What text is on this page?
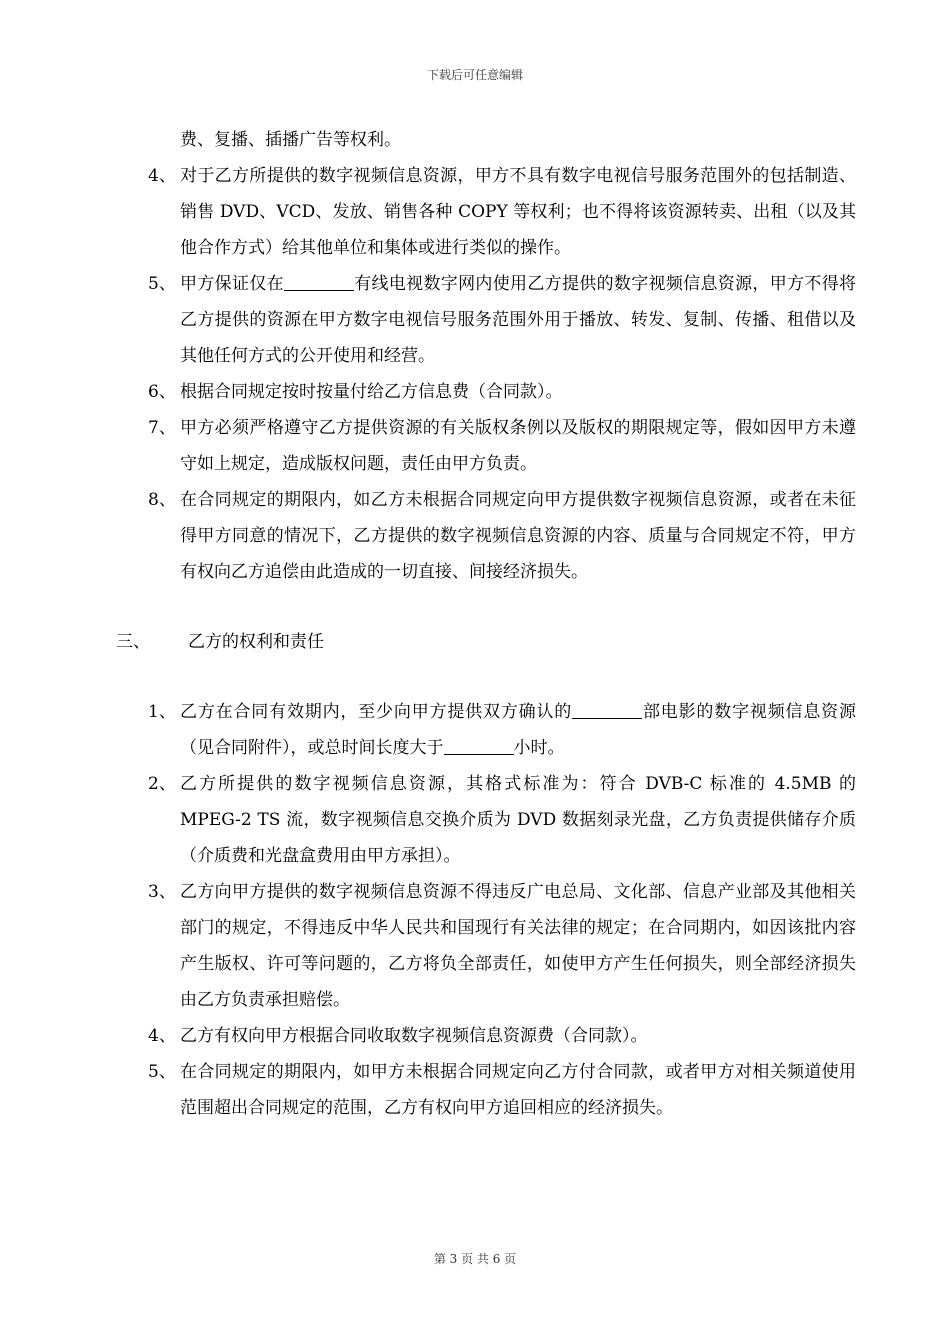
下载后可任意编辑
费、复播、插播广告等权利。
4、 对于乙方所提供的数字视频信息资源，甲方不具有数字电视信号服务范围外的包括制造、销售 DVD、VCD、发放、销售各种 COPY 等权利；也不得将该资源转卖、出租（以及其他合作方式）给其他单位和集体或进行类似的操作。
5、 甲方保证仅在	有线电视数字网内使用乙方提供的数字视频信息资源，甲方不得将乙方提供的资源在甲方数字电视信号服务范围外用于播放、转发、复制、传播、租借以及其他任何方式的公开使用和经营。
6、 根据合同规定按时按量付给乙方信息费（合同款）。
7、 甲方必须严格遵守乙方提供资源的有关版权条例以及版权的期限规定等，假如因甲方未遵守如上规定，造成版权问题，责任由甲方负责。
8、 在合同规定的期限内，如乙方未根据合同规定向甲方提供数字视频信息资源，或者在未征得甲方同意的情况下，乙方提供的数字视频信息资源的内容、质量与合同规定不符，甲方有权向乙方追偿由此造成的一切直接、间接经济损失。
三、 乙方的权利和责任
1、 乙方在合同有效期内，至少向甲方提供双方确认的	部电影的数字视频信息资源（见合同附件），或总时间长度大于	小时。
2、 乙方所提供的数字视频信息资源，其格式标准为：符合 DVB-C 标准的 4.5MB 的 MPEG-2 TS 流，数字视频信息交换介质为 DVD 数据刻录光盘，乙方负责提供储存介质（介质费和光盘盒费用由甲方承担）。
3、 乙方向甲方提供的数字视频信息资源不得违反广电总局、文化部、信息产业部及其他相关部门的规定，不得违反中华人民共和国现行有关法律的规定；在合同期内，如因该批内容产生版权、许可等问题的，乙方将负全部责任，如使甲方产生任何损失，则全部经济损失由乙方负责承担赔偿。
4、 乙方有权向甲方根据合同收取数字视频信息资源费（合同款）。
5、 在合同规定的期限内，如甲方未根据合同规定向乙方付合同款，或者甲方对相关频道使用范围超出合同规定的范围，乙方有权向甲方追回相应的经济损失。
第 3 页 共 6 页
